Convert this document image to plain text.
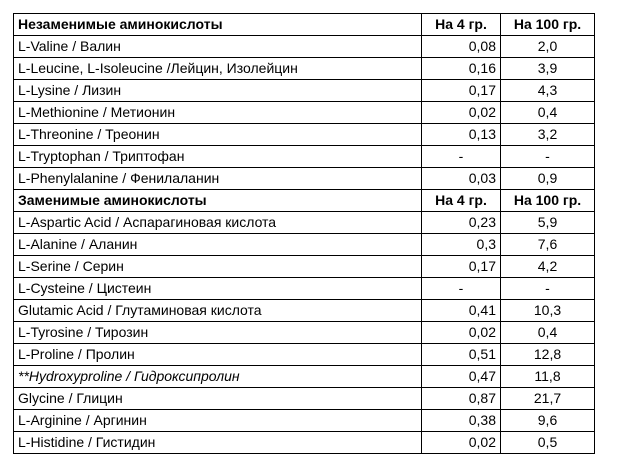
Незаменимые аминокислоты	На 4 гр.	На 100 гр.
L-Valine / Валин	0,08	2,0
L-Leucine, L-Isoleucine /Лейцин, Изолейцин	0,16	3,9
L-Lysine / Лизин	0,17	4,3
L-Methionine / Метионин	0,02	0,4
L-Threonine / Треонин	0,13	3,2
L-Tryptophan / Триптофан	-	-
L-Phenylalanine / Фенилаланин	0,03	0,9
Заменимые аминокислоты	На 4 гр.	На 100 гр.
L-Aspartic Acid / Аспарагиновая кислота	0,23	5,9
L-Alanine / Аланин	0,3	7,6
L-Serine / Серин	0,17	4,2
L-Cysteine / Цистеин	-	-
Glutamic Acid / Глутаминовая кислота	0,41	10,3
L-Tyrosine / Тирозин	0,02	0,4
L-Proline / Пролин	0,51	12,8
**Hydroxyproline / Гидроксипролин	0,47	11,8
Glycine / Глицин	0,87	21,7
L-Arginine / Аргинин	0,38	9,6
L-Histidine / Гистидин	0,02	0,5
